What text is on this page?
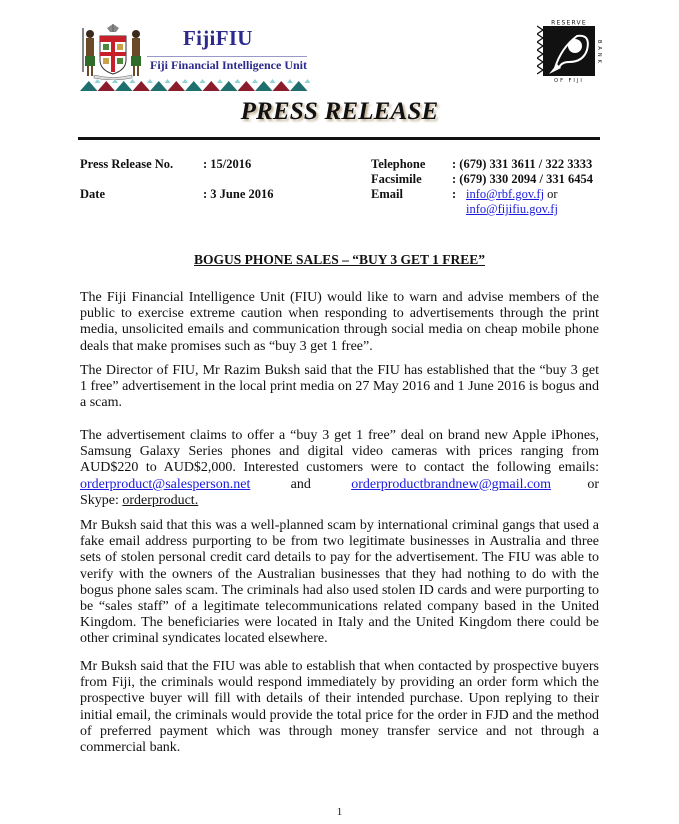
FijiFIU
Fiji Financial Intelligence Unit
RESERVE
BANK
OF FIJI
PRESS RELEASE
Press Release No. : 15/2016
Date	: 3 June 2016
Telephone : (679) 331 3611 / 322 3333
Facsimile : (679) 330 2094 / 331 6454
Email	: info@rbf.gov.fj or
info@fijifiu.gov.fj
BOGUS PHONE SALES – “BUY 3 GET 1 FREE”
The Fiji Financial Intelligence Unit (FIU) would like to warn and advise members of the public to exercise extreme caution when responding to advertisements through the print media, unsolicited emails and communication through social media on cheap mobile phone deals that make promises such as “buy 3 get 1 free”.
The Director of FIU, Mr Razim Buksh said that the FIU has established that the “buy 3 get 1 free” advertisement in the local print media on 27 May 2016 and 1 June 2016 is bogus and a scam.
The advertisement claims to offer a “buy 3 get 1 free” deal on brand new Apple iPhones, Samsung Galaxy Series phones and digital video cameras with prices ranging from AUD$220 to AUD$2,000. Interested customers were to contact the following emails: orderproduct@salesperson.net	and	orderproductbrandnew@gmail.com	or Skype: orderproduct.
Mr Buksh said that this was a well-planned scam by international criminal gangs that used a fake email address purporting to be from two legitimate businesses in Australia and three sets of stolen personal credit card details to pay for the advertisement. The FIU was able to verify with the owners of the Australian businesses that they had nothing to do with the bogus phone sales scam. The criminals had also used stolen ID cards and were purporting to be “sales staff” of a legitimate telecommunications related company based in the United Kingdom. The beneficiaries were located in Italy and the United Kingdom there could be other criminal syndicates located elsewhere.
Mr Buksh said that the FIU was able to establish that when contacted by prospective buyers from Fiji, the criminals would respond immediately by providing an order form which the prospective buyer will fill with details of their intended purchase. Upon replying to their initial email, the criminals would provide the total price for the order in FJD and the method of preferred payment which was through money transfer service and not through a commercial bank.
1
